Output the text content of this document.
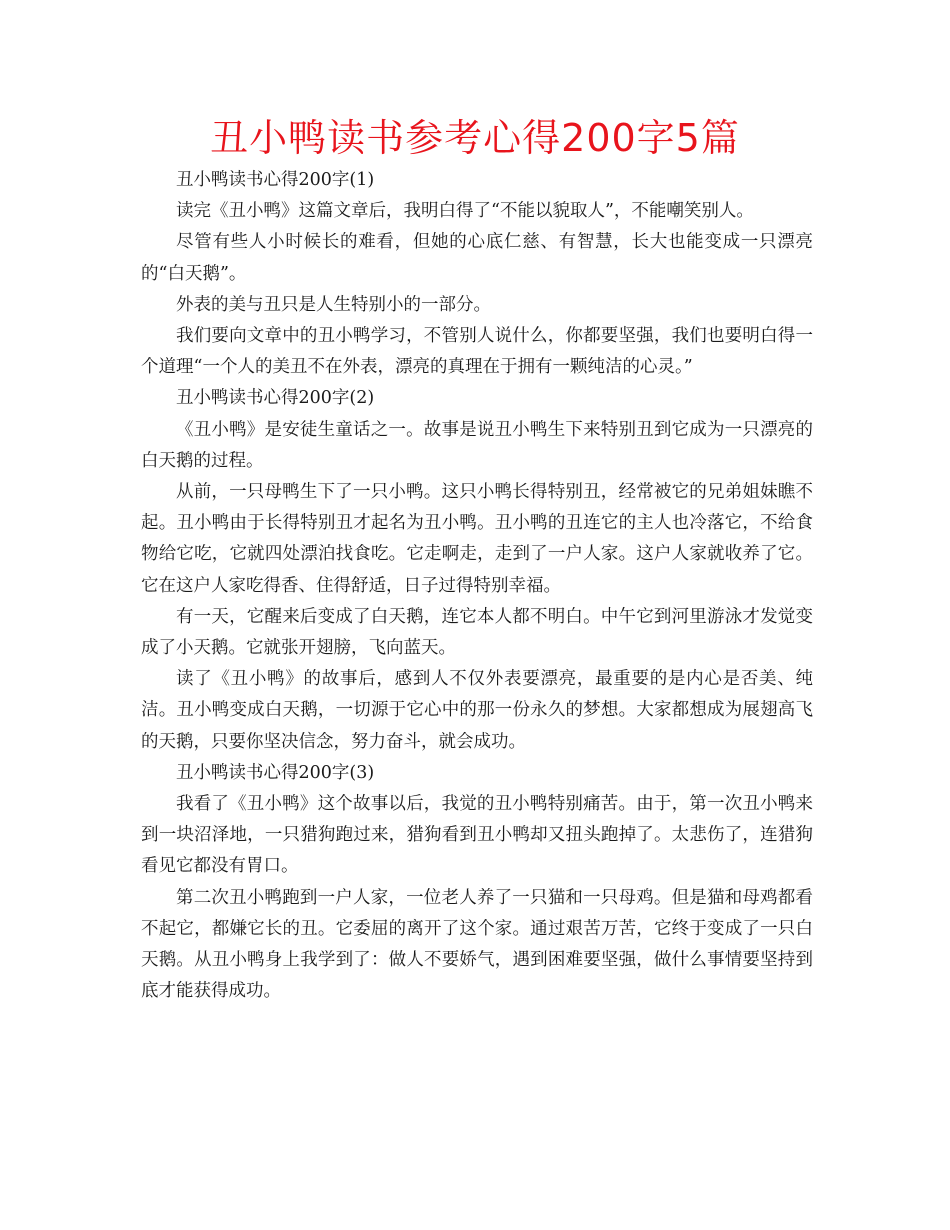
丑小鸭读书参考心得200字5篇

丑小鸭读书心得200字(1)

读完《丑小鸭》这篇文章后，我明白得了“不能以貌取人”，不能嘲笑别人。

尽管有些人小时候长的难看，但她的心底仁慈、有智慧，长大也能变成一只漂亮的“白天鹅”。

外表的美与丑只是人生特别小的一部分。

我们要向文章中的丑小鸭学习，不管别人说什么，你都要坚强，我们也要明白得一个道理“一个人的美丑不在外表，漂亮的真理在于拥有一颗纯洁的心灵。”

丑小鸭读书心得200字(2)

《丑小鸭》是安徒生童话之一。故事是说丑小鸭生下来特别丑到它成为一只漂亮的白天鹅的过程。

从前，一只母鸭生下了一只小鸭。这只小鸭长得特别丑，经常被它的兄弟姐妹瞧不起。丑小鸭由于长得特别丑才起名为丑小鸭。丑小鸭的丑连它的主人也冷落它，不给食物给它吃，它就四处漂泊找食吃。它走啊走，走到了一户人家。这户人家就收养了它。它在这户人家吃得香、住得舒适，日子过得特别幸福。

有一天，它醒来后变成了白天鹅，连它本人都不明白。中午它到河里游泳才发觉变成了小天鹅。它就张开翅膀，飞向蓝天。

读了《丑小鸭》的故事后，感到人不仅外表要漂亮，最重要的是内心是否美、纯洁。丑小鸭变成白天鹅，一切源于它心中的那一份永久的梦想。大家都想成为展翅高飞的天鹅，只要你坚决信念，努力奋斗，就会成功。

丑小鸭读书心得200字(3)

我看了《丑小鸭》这个故事以后，我觉的丑小鸭特别痛苦。由于，第一次丑小鸭来到一块沼泽地，一只猎狗跑过来，猎狗看到丑小鸭却又扭头跑掉了。太悲伤了，连猎狗看见它都没有胃口。

第二次丑小鸭跑到一户人家，一位老人养了一只猫和一只母鸡。但是猫和母鸡都看不起它，都嫌它长的丑。它委屈的离开了这个家。通过艰苦万苦，它终于变成了一只白天鹅。从丑小鸭身上我学到了：做人不要娇气，遇到困难要坚强，做什么事情要坚持到底才能获得成功。
